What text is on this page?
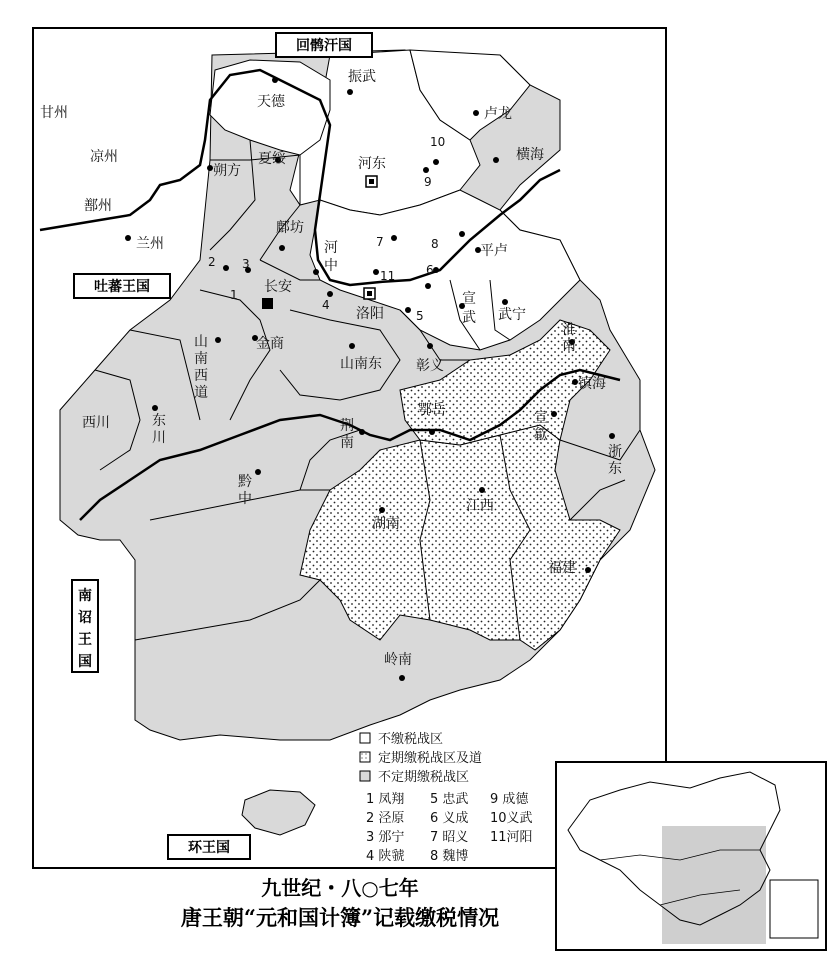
回鹘汗国
吐蕃王国
南
诏
王
国
环王国
天德
振武
卢龙
横海
朔方
夏绥	河东
甘州
凉州
鄯州
兰州
鄜坊
河
中
平卢
长安
洛阳
宣
武 武宁
金商
山
南
西
道
山南东 彰义
淮
南
镇海
西川	东
川
鄂岳	宣
歙
浙
东
荆
南
黔
中
湖南
江西
福建
岭南
1
2 3
4
5
6
7	8
9
10
11
不缴税战区
定期缴税战区及道
不定期缴税战区
1 凤翔 5 忠武 9 成德
2 泾原 6 义成 10义武
3 邠宁 7 昭义 11河阳
4 陕虢 8 魏博
九世纪・八○七年
唐王朝“元和国计簿”记载缴税情况
